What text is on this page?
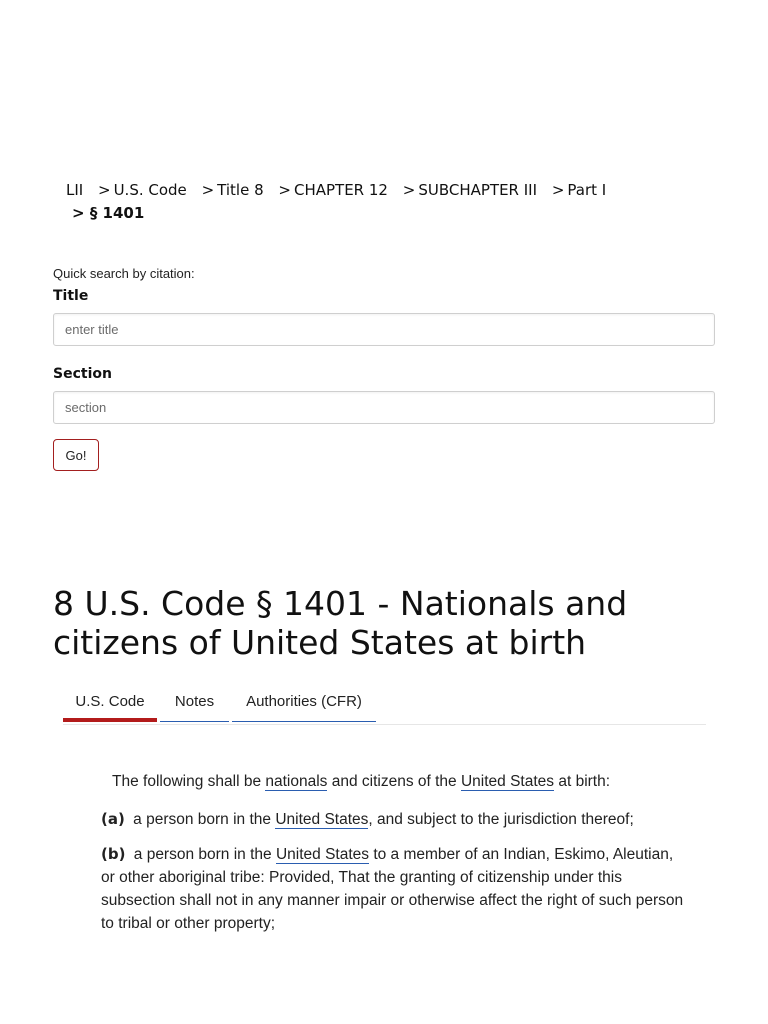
LII > U.S. Code > Title 8 > CHAPTER 12 > SUBCHAPTER III > Part I
> § 1401
Quick search by citation:
Title
enter title
Section
section
Go!
8 U.S. Code § 1401 - Nationals and citizens of United States at birth
U.S. Code	Notes	Authorities (CFR)

The following shall be nationals and citizens of the United States at birth:

(a) a person born in the United States, and subject to the jurisdiction thereof;

(b) a person born in the United States to a member of an Indian, Eskimo, Aleutian, or other aboriginal tribe: Provided, That the granting of citizenship under this subsection shall not in any manner impair or otherwise affect the right of such person to tribal or other property;
